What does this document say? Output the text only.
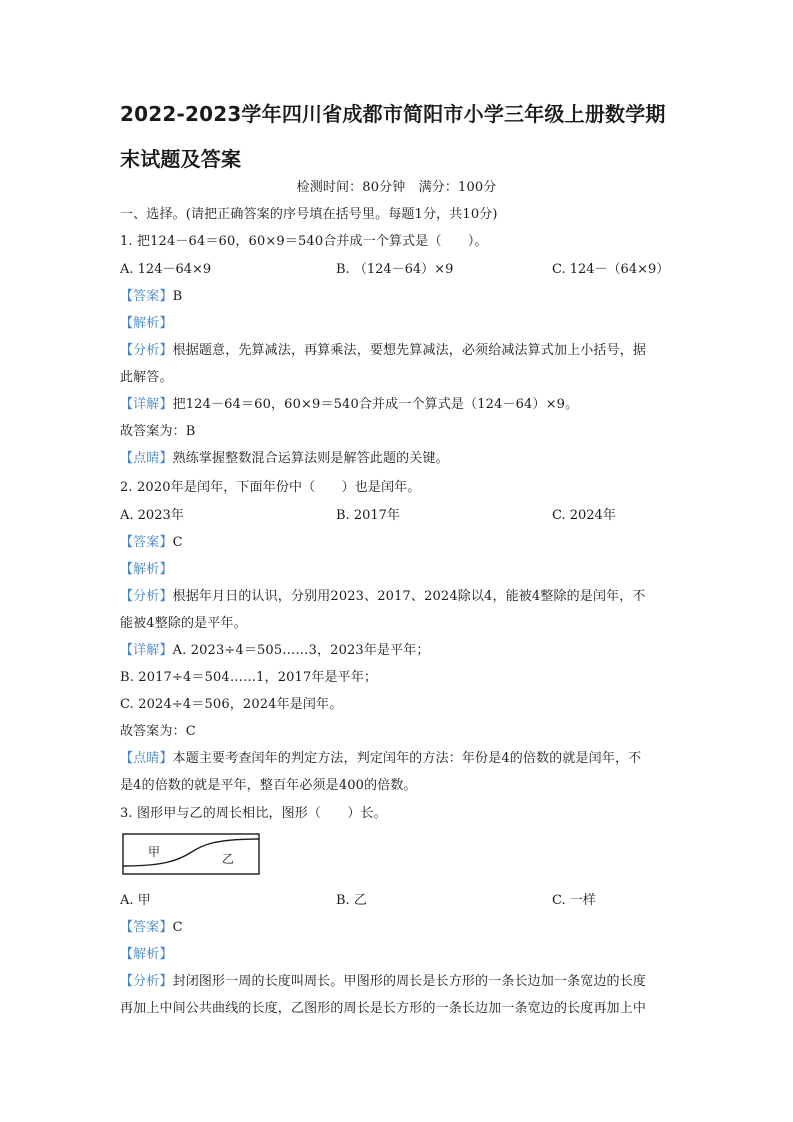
2022-2023学年四川省成都市简阳市小学三年级上册数学期
末试题及答案
检测时间：80分钟　满分：100分
一、选择。(请把正确答案的序号填在括号里。每题1分，共10分)
1. 把124－64＝60，60×9＝540合并成一个算式是（　　）。
A. 124－64×9	B. （124－64）×9	C. 124－（64×9）
【答案】B
【解析】
【分析】根据题意，先算减法，再算乘法，要想先算减法，必须给减法算式加上小括号，据
此解答。
【详解】把124－64＝60，60×9＝540合并成一个算式是（124－64）×9。
故答案为：B
【点睛】熟练掌握整数混合运算法则是解答此题的关键。
2. 2020年是闰年，下面年份中（　　）也是闰年。
A. 2023年	B. 2017年	C. 2024年
【答案】C
【解析】
【分析】根据年月日的认识，分别用2023、2017、2024除以4，能被4整除的是闰年，不
能被4整除的是平年。
【详解】A. 2023÷4＝505……3，2023年是平年；
B. 2017÷4＝504……1，2017年是平年；
C. 2024÷4＝506，2024年是闰年。
故答案为：C
【点睛】本题主要考查闰年的判定方法，判定闰年的方法：年份是4的倍数的就是闰年，不
是4的倍数的就是平年，整百年必须是400的倍数。
3. 图形甲与乙的周长相比，图形（　　）长。
甲	乙
A. 甲	B. 乙	C. 一样
【答案】C
【解析】
【分析】封闭图形一周的长度叫周长。甲图形的周长是长方形的一条长边加一条宽边的长度
再加上中间公共曲线的长度，乙图形的周长是长方形的一条长边加一条宽边的长度再加上中
